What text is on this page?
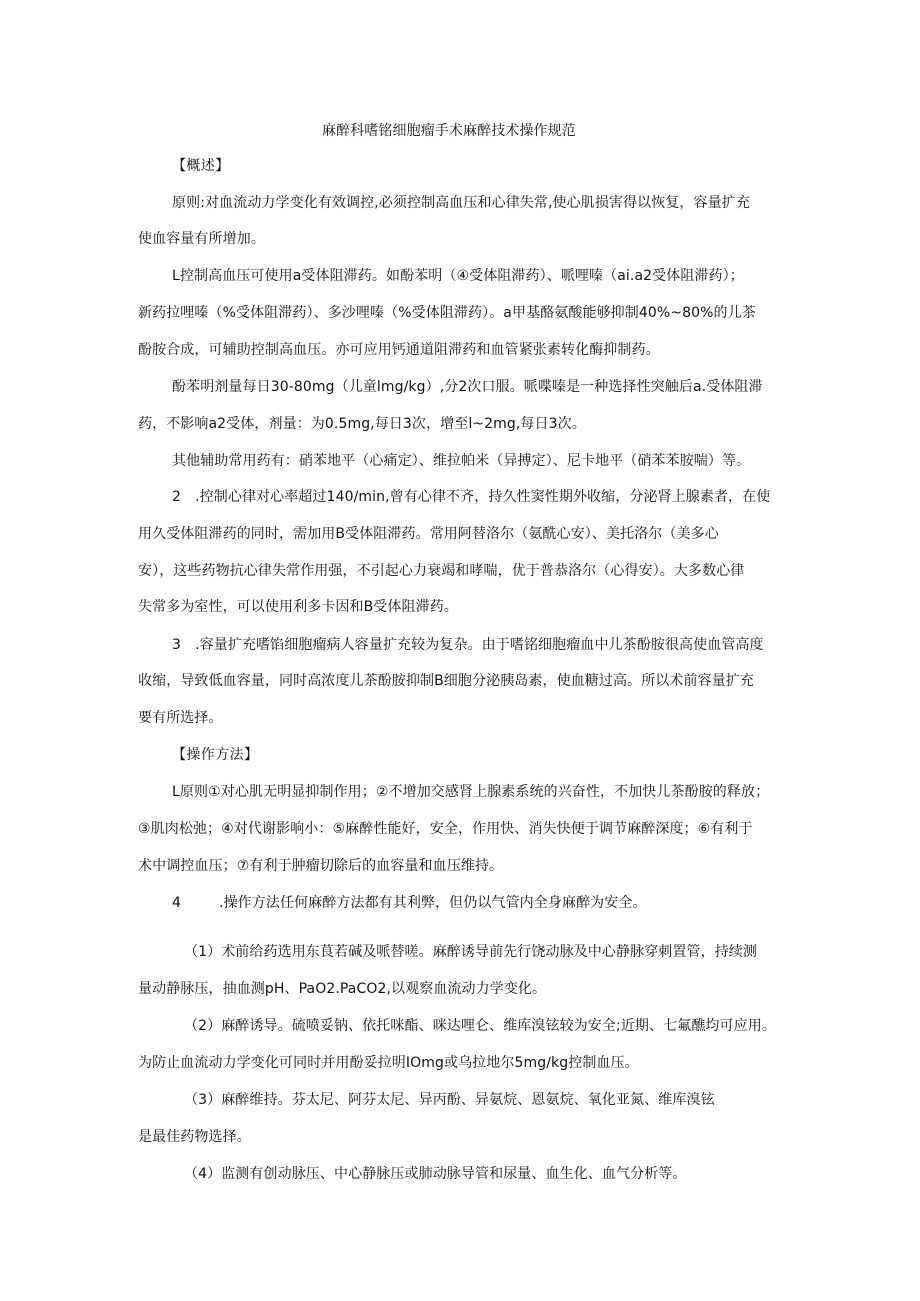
麻醉科嗜铭细胞瘤手术麻醉技术操作规范
【概述】
原则:对血流动力学变化有效调控,必须控制高血压和心律失常,使心肌损害得以恢复，容量扩充
使血容量有所增加。
L控制高血压可使用a受体阻滞药。如酚苯明（④受体阻滞药）、哌哩嗪（ai.a2受体阻滞药）；
新药拉哩嗪（%受体阻滞药）、多沙哩嗪（%受体阻滞药）。a甲基酪氨酸能够抑制40%~80%的儿茶
酚胺合成，可辅助控制高血压。亦可应用钙通道阻滞药和血管紧张素转化酶抑制药。
酚苯明剂量每日30-80mg（儿童lmg∕kg）,分2次口服。哌喋嗪是一种选择性突触后a.受体阻滞
药，不影响a2受体，剂量：为0.5mg,每日3次，增至l~2mg,每日3次。
其他辅助常用药有：硝苯地平（心痛定）、维拉帕米（异搏定）、尼卡地平（硝苯苯胺喘）等。
2　.控制心律对心率超过140/min,曾有心律不齐，持久性窦性期外收缩，分泌肾上腺素者，在使
用久受体阻滞药的同时，需加用B受体阻滞药。常用阿替洛尔（氨酰心安）、美托洛尔（美多心
安），这些药物抗心律失常作用强，不引起心力衰竭和哮喘，优于普恭洛尔（心得安）。大多数心律
失常多为室性，可以使用利多卡因和B受体阻滞药。
3　.容量扩充嗜馅细胞瘤病人容量扩充较为复杂。由于嗜铭细胞瘤血中儿茶酚胺很高使血管高度
收缩，导致低血容量，同时高浓度儿茶酚胺抑制B细胞分泌胰岛素，使血糖过高。所以术前容量扩充
要有所选择。
【操作方法】
L原则①对心肌无明显抑制作用；②不增加交感肾上腺素系统的兴奋性，不加快儿茶酚胺的释放；
③肌肉松弛；④对代谢影响小：⑤麻醉性能好，安全，作用快、消失快便于调节麻醉深度；⑥有利于
术中调控血压；⑦有利于肿瘤切除后的血容量和血压维持。
4	.操作方法任何麻醉方法都有其利弊，但仍以气管内全身麻醉为安全。
（1）术前给药选用东茛若碱及哌替嗟。麻醉诱导前先行饶动脉及中心静脉穿刺置管，持续测
量动静脉压，抽血测pH、PaO2.PaCO2,以观察血流动力学变化。
（2）麻醉诱导。硫喷妥钠、依托咪酯、咪达哩仑、维库溴铉较为安全;近期、七氟醮均可应用。
为防止血流动力学变化可同时并用酚妥拉明IOmg或乌拉地尔5mg∕kg控制血压。
（3）麻醉维持。芬太尼、阿芬太尼、异丙酚、异氨烷、恩氨烷、氧化亚氮、维库溴铉
是最佳药物选择。
（4）监测有创动脉压、中心静脉压或肺动脉导管和尿量、血生化、血气分析等。
